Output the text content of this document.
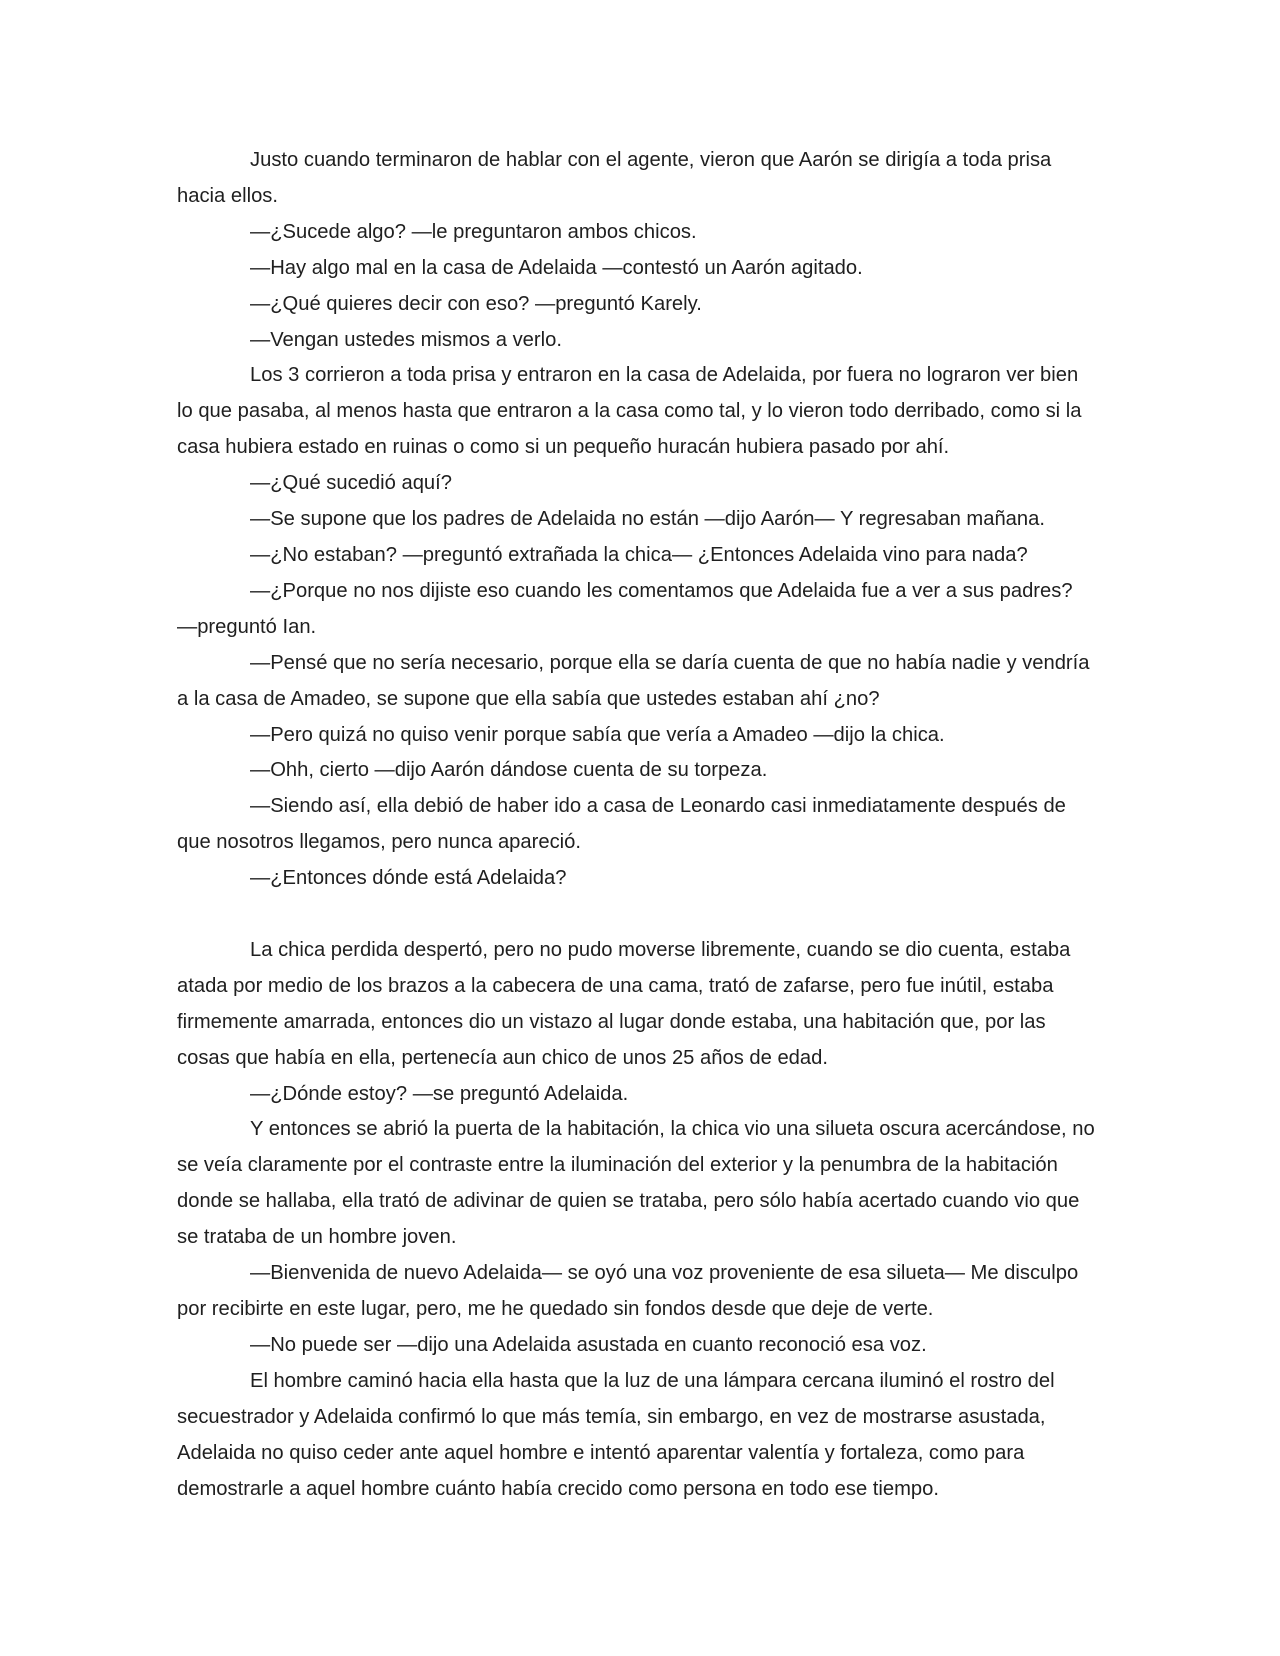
Justo cuando terminaron de hablar con el agente, vieron que Aarón se dirigía a toda prisa hacia ellos.

—¿Sucede algo? —le preguntaron ambos chicos.

—Hay algo mal en la casa de Adelaida —contestó un Aarón agitado.

—¿Qué quieres decir con eso? —preguntó Karely.

—Vengan ustedes mismos a verlo.

Los 3 corrieron a toda prisa y entraron en la casa de Adelaida, por fuera no lograron ver bien lo que pasaba, al menos hasta que entraron a la casa como tal, y lo vieron todo derribado, como si la casa hubiera estado en ruinas o como si un pequeño huracán hubiera pasado por ahí.

—¿Qué sucedió aquí?

—Se supone que los padres de Adelaida no están —dijo Aarón— Y regresaban mañana.

—¿No estaban? —preguntó extrañada la chica— ¿Entonces Adelaida vino para nada?

—¿Porque no nos dijiste eso cuando les comentamos que Adelaida fue a ver a sus padres? —preguntó Ian.

—Pensé que no sería necesario, porque ella se daría cuenta de que no había nadie y vendría a la casa de Amadeo, se supone que ella sabía que ustedes estaban ahí ¿no?

—Pero quizá no quiso venir porque sabía que vería a Amadeo —dijo la chica.

—Ohh, cierto —dijo Aarón dándose cuenta de su torpeza.

—Siendo así, ella debió de haber ido a casa de Leonardo casi inmediatamente después de que nosotros llegamos, pero nunca apareció.

—¿Entonces dónde está Adelaida?

La chica perdida despertó, pero no pudo moverse libremente, cuando se dio cuenta, estaba atada por medio de los brazos a la cabecera de una cama, trató de zafarse, pero fue inútil, estaba firmemente amarrada, entonces dio un vistazo al lugar donde estaba, una habitación que, por las cosas que había en ella, pertenecía aun chico de unos 25 años de edad.

—¿Dónde estoy? —se preguntó Adelaida.

Y entonces se abrió la puerta de la habitación, la chica vio una silueta oscura acercándose, no se veía claramente por el contraste entre la iluminación del exterior y la penumbra de la habitación donde se hallaba, ella trató de adivinar de quien se trataba, pero sólo había acertado cuando vio que se trataba de un hombre joven.

—Bienvenida de nuevo Adelaida— se oyó una voz proveniente de esa silueta— Me disculpo por recibirte en este lugar, pero, me he quedado sin fondos desde que deje de verte.

—No puede ser —dijo una Adelaida asustada en cuanto reconoció esa voz.

El hombre caminó hacia ella hasta que la luz de una lámpara cercana iluminó el rostro del secuestrador y Adelaida confirmó lo que más temía, sin embargo, en vez de mostrarse asustada, Adelaida no quiso ceder ante aquel hombre e intentó aparentar valentía y fortaleza, como para demostrarle a aquel hombre cuánto había crecido como persona en todo ese tiempo.
